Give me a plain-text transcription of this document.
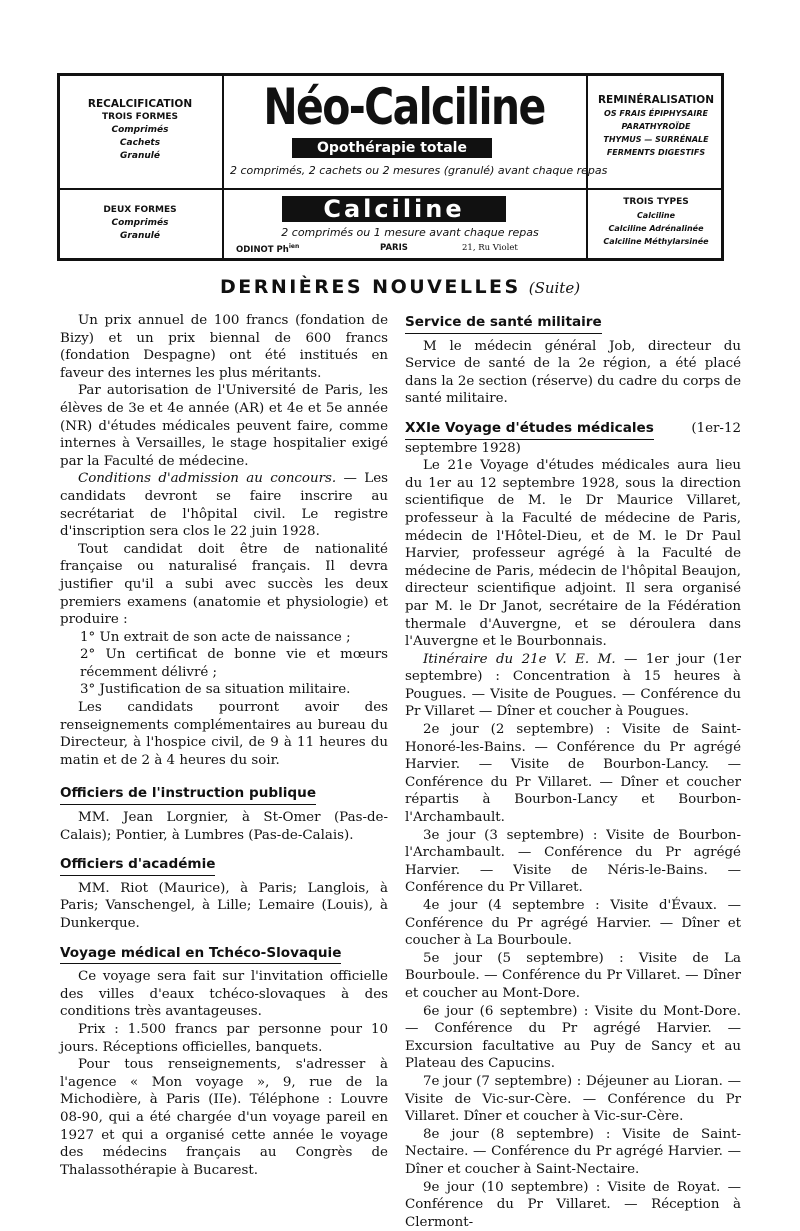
RECALCIFICATION
TROIS FORMES
Comprimés
Cachets
Granulé
DEUX FORMES
Comprimés
Granulé
Néo-Calciline
Opothérapie totale
2 comprimés, 2 cachets ou 2 mesures (granulé) avant chaque repas
Calciline
2 comprimés ou 1 mesure avant chaque repas
ODINOT $Ph^{ien}$	PARIS	21, Ru Violet
REMINÉRALISATION
OS FRAIS ÉPIPHYSAIRE
PARATHYROÏDE
THYMUS — SURRÉNALE
FERMENTS DIGESTIFS
TROIS TYPES
Calciline
Calciline Adrénalinée
Calciline Méthylarsinée
DERNIÈRES NOUVELLES (Suite)

Un prix annuel de 100 francs (fondation de Bizy) et un prix biennal de 600 francs (fondation Despagne) ont été institués en faveur des internes les plus méritants.

Par autorisation de l'Université de Paris, les élèves de 3e et 4e année (AR) et 4e et 5e année (NR) d'études médicales peuvent faire, comme internes à Versailles, le stage hospitalier exigé par la Faculté de médecine.

Conditions d'admission au concours. — Les candidats devront se faire inscrire au secrétariat de l'hôpital civil. Le registre d'inscription sera clos le 22 juin 1928.

Tout candidat doit être de nationalité française ou naturalisé français. Il devra justifier qu'il a subi avec succès les deux premiers examens (anatomie et physiologie) et produire :

1° Un extrait de son acte de naissance ;

2° Un certificat de bonne vie et mœurs récemment délivré ;

3° Justification de sa situation militaire.

Les candidats pourront avoir des renseignements complémentaires au bureau du Directeur, à l'hospice civil, de 9 à 11 heures du matin et de 2 à 4 heures du soir.

Officiers de l'instruction publique

MM. Jean Lorgnier, à St-Omer (Pas-de-Calais); Pontier, à Lumbres (Pas-de-Calais).

Officiers d'académie

MM. Riot (Maurice), à Paris; Langlois, à Paris; Vanschengel, à Lille; Lemaire (Louis), à Dunkerque.

Voyage médical en Tchéco-Slovaquie

Ce voyage sera fait sur l'invitation officielle des villes d'eaux tchéco-slovaques à des conditions très avantageuses.

Prix : 1.500 francs par personne pour 10 jours. Réceptions officielles, banquets.

Pour tous renseignements, s'adresser à l'agence « Mon voyage », 9, rue de la Michodière, à Paris (IIe). Téléphone : Louvre 08-90, qui a été chargée d'un voyage pareil en 1927 et qui a organisé cette année le voyage des médecins français au Congrès de Thalassothérapie à Bucarest.

Service de santé militaire

M le médecin général Job, directeur du Service de santé de la 2e région, a été placé dans la 2e section (réserve) du cadre du corps de santé militaire.

XXIe Voyage d'études médicales (1er-12 septembre 1928)

Le 21e Voyage d'études médicales aura lieu du 1er au 12 septembre 1928, sous la direction scientifique de M. le Dr Maurice Villaret, professeur à la Faculté de médecine de Paris, médecin de l'Hôtel-Dieu, et de M. le Dr Paul Harvier, professeur agrégé à la Faculté de médecine de Paris, médecin de l'hôpital Beaujon, directeur scientifique adjoint. Il sera organisé par M. le Dr Janot, secrétaire de la Fédération thermale d'Auvergne, et se déroulera dans l'Auvergne et le Bourbonnais.

Itinéraire du 21e V. E. M. — 1er jour (1er septembre) : Concentration à 15 heures à Pougues. — Visite de Pougues. — Conférence du Pr Villaret — Dîner et coucher à Pougues.

2e jour (2 septembre) : Visite de Saint-Honoré-les-Bains. — Conférence du Pr agrégé Harvier. — Visite de Bourbon-Lancy. — Conférence du Pr Villaret. — Dîner et coucher répartis à Bourbon-Lancy et Bourbon-l'Archambault.

3e jour (3 septembre) : Visite de Bourbon-l'Archambault. — Conférence du Pr agrégé Harvier. — Visite de Néris-le-Bains. — Conférence du Pr Villaret.

4e jour (4 septembre : Visite d'Évaux. — Conférence du Pr agrégé Harvier. — Dîner et coucher à La Bourboule.

5e jour (5 septembre) : Visite de La Bourboule. — Conférence du Pr Villaret. — Dîner et coucher au Mont-Dore.

6e jour (6 septembre) : Visite du Mont-Dore. — Conférence du Pr agrégé Harvier. — Excursion facultative au Puy de Sancy et au Plateau des Capucins.

7e jour (7 septembre) : Déjeuner au Lioran. — Visite de Vic-sur-Cère. — Conférence du Pr Villaret. Dîner et coucher à Vic-sur-Cère.

8e jour (8 septembre) : Visite de Saint-Nectaire. — Conférence du Pr agrégé Harvier. — Dîner et coucher à Saint-Nectaire.

9e jour (10 septembre) : Visite de Royat. — Conférence du Pr Villaret. — Réception à Clermont-
